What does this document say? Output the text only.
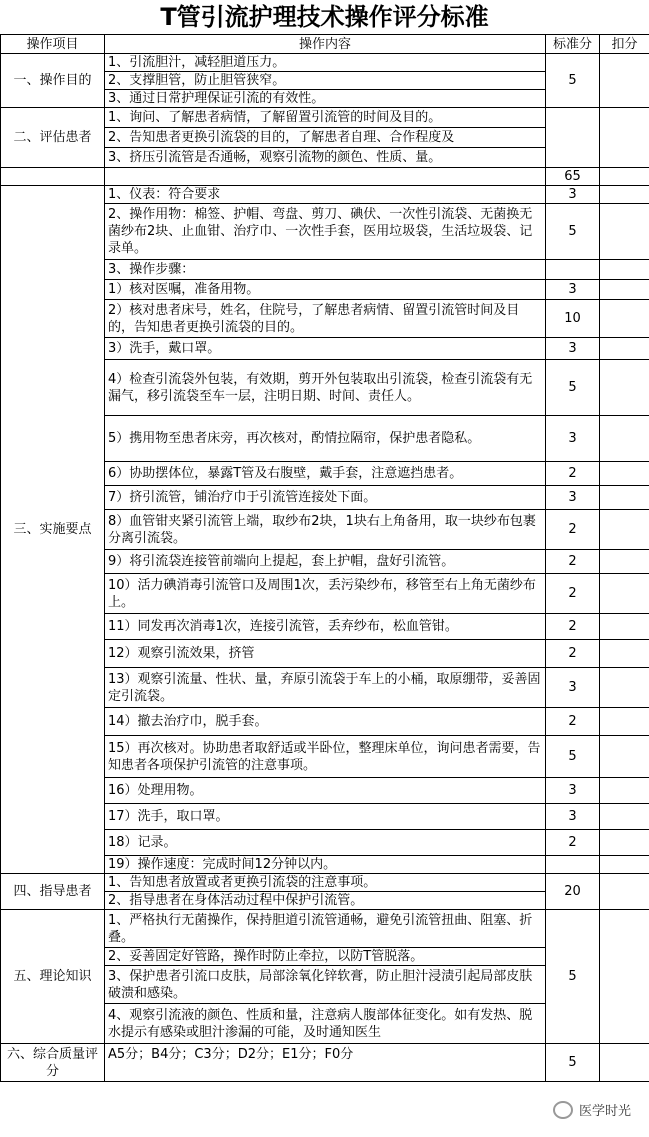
T管引流护理技术操作评分标准
操作项目	操作内容	标准分	扣分
一、操作目的	1、引流胆汁，减轻胆道压力。	5	
	2、支撑胆管，防止胆管狭窄。		
	3、通过日常护理保证引流的有效性。		
二、评估患者	1、询问、了解患者病情，了解留置引流管的时间及目的。		
	2、告知患者更换引流袋的目的，了解患者自理、合作程度及		
	3、挤压引流管是否通畅，观察引流物的颜色、性质、量。		
		65	
三、实施要点	1、仪表：符合要求	3	
	2、操作用物：棉签、护帽、弯盘、剪刀、碘伏、一次性引流袋、无菌换无菌纱布2块、止血钳、治疗巾、一次性手套，医用垃圾袋，生活垃圾袋、记录单。	5	
	3、操作步骤：		
	1）核对医嘱，准备用物。	3	
	2）核对患者床号，姓名，住院号，了解患者病情、留置引流管时间及目的，告知患者更换引流袋的目的。	10	
	3）洗手，戴口罩。	3	
	4）检查引流袋外包装，有效期，剪开外包装取出引流袋，检查引流袋有无漏气，移引流袋至车一层，注明日期、时间、责任人。	5	
	5）携用物至患者床旁，再次核对，酌情拉隔帘，保护患者隐私。	3	
	6）协助摆体位，暴露T管及右腹壁，戴手套，注意遮挡患者。	2	
	7）挤引流管，铺治疗巾于引流管连接处下面。	3	
	8）血管钳夹紧引流管上端，取纱布2块，1块右上角备用，取一块纱布包裹分离引流袋。	2	
	9）将引流袋连接管前端向上提起，套上护帽，盘好引流管。	2	
	10）活力碘消毒引流管口及周围1次，丢污染纱布，移管至右上角无菌纱布上。	2	
	11）同发再次消毒1次，连接引流管，丢弃纱布，松血管钳。	2	
	12）观察引流效果，挤管	2	
	13）观察引流量、性状、量，弃原引流袋于车上的小桶，取原绷带，妥善固定引流袋。	3	
	14）撤去治疗巾，脱手套。	2	
	15）再次核对。协助患者取舒适或半卧位，整理床单位，询问患者需要，告知患者各项保护引流管的注意事项。	5	
	16）处理用物。	3	
	17）洗手，取口罩。	3	
	18）记录。	2	
	19）操作速度：完成时间12分钟以内。		
四、指导患者	1、告知患者放置或者更换引流袋的注意事项。	20	
	2、指导患者在身体活动过程中保护引流管。		
五、理论知识	1、严格执行无菌操作，保持胆道引流管通畅，避免引流管扭曲、阻塞、折叠。	5	
	2、妥善固定好管路，操作时防止牵拉，以防T管脱落。		
	3、保护患者引流口皮肤，局部涂氧化锌软膏，防止胆汁浸渍引起局部皮肤破溃和感染。		
	4、观察引流液的颜色、性质和量，注意病人腹部体征变化。如有发热、脱水提示有感染或胆汁渗漏的可能，及时通知医生		
六、综合质量评分	A5分；B4分；C3分；D2分；E1分；F0分	5	
医学时光
